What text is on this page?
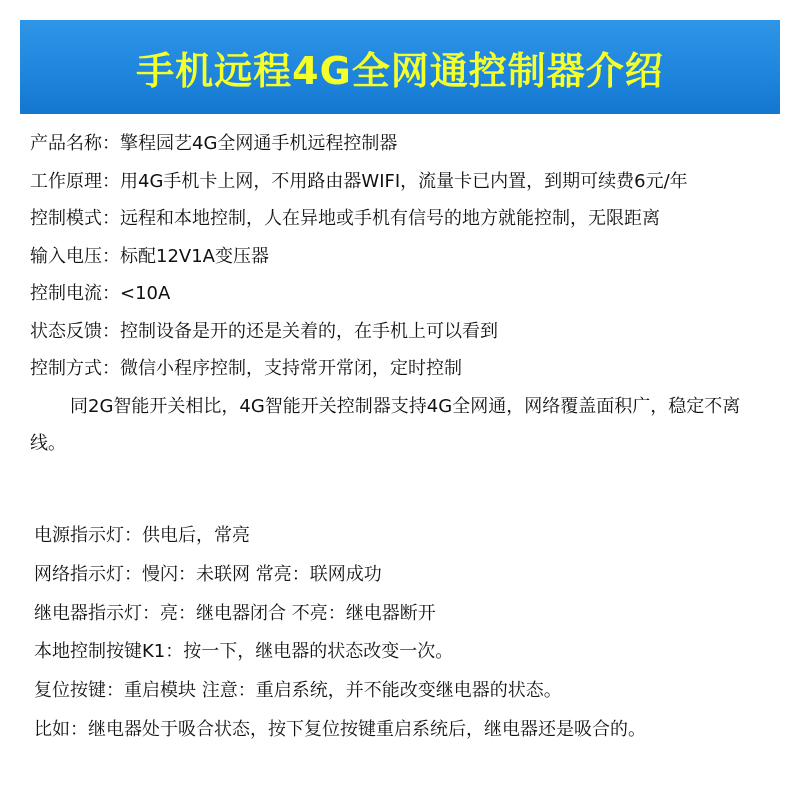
手机远程4G全网通控制器介绍
产品名称：擎程园艺4G全网通手机远程控制器
工作原理：用4G手机卡上网，不用路由器WIFI，流量卡已内置，到期可续费6元/年
控制模式：远程和本地控制，人在异地或手机有信号的地方就能控制，无限距离
输入电压：标配12V1A变压器
控制电流：<10A
状态反馈：控制设备是开的还是关着的，在手机上可以看到
控制方式：微信小程序控制，支持常开常闭，定时控制
同2G智能开关相比，4G智能开关控制器支持4G全网通，网络覆盖面积广，稳定不离线。
电源指示灯：供电后，常亮
网络指示灯：慢闪：未联网 常亮：联网成功
继电器指示灯：亮：继电器闭合 不亮：继电器断开
本地控制按键K1：按一下，继电器的状态改变一次。
复位按键：重启模块 注意：重启系统，并不能改变继电器的状态。
比如：继电器处于吸合状态，按下复位按键重启系统后，继电器还是吸合的。
